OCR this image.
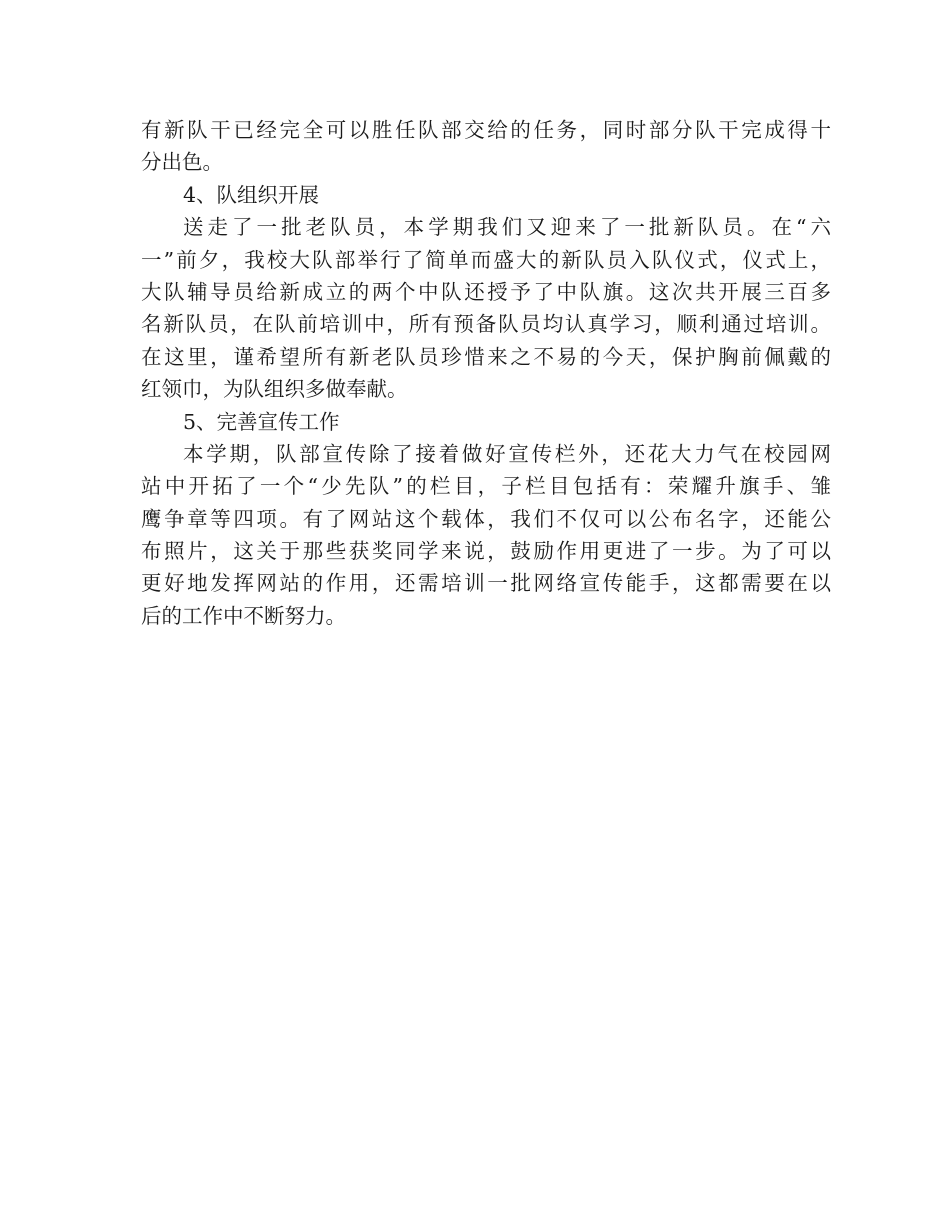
有新队干已经完全可以胜任队部交给的任务，同时部分队干完成得十
分出色。
4、队组织开展
送走了一批老队员，本学期我们又迎来了一批新队员。在“六
一”前夕，我校大队部举行了简单而盛大的新队员入队仪式，仪式上，
大队辅导员给新成立的两个中队还授予了中队旗。这次共开展三百多
名新队员，在队前培训中，所有预备队员均认真学习，顺利通过培训。
在这里，谨希望所有新老队员珍惜来之不易的今天，保护胸前佩戴的
红领巾，为队组织多做奉献。
5、完善宣传工作
本学期，队部宣传除了接着做好宣传栏外，还花大力气在校园网
站中开拓了一个“少先队”的栏目，子栏目包括有：荣耀升旗手、雏
鹰争章等四项。有了网站这个载体，我们不仅可以公布名字，还能公
布照片，这关于那些获奖同学来说，鼓励作用更进了一步。为了可以
更好地发挥网站的作用，还需培训一批网络宣传能手，这都需要在以
后的工作中不断努力。
